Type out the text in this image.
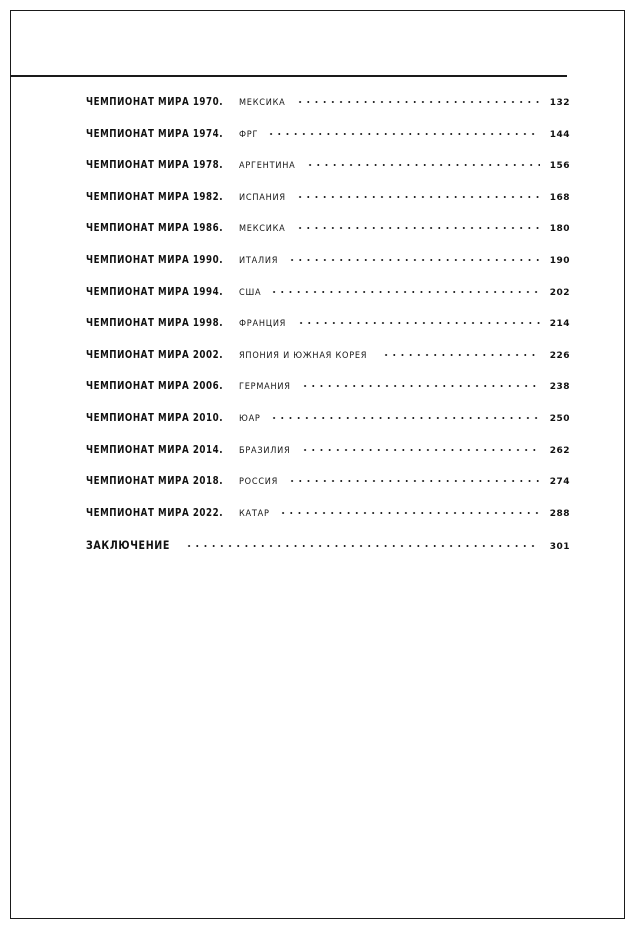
ЧЕМПИОНАТ МИРА 1970. МЕКСИКА	132
ЧЕМПИОНАТ МИРА 1974. ФРГ	144
ЧЕМПИОНАТ МИРА 1978. АРГЕНТИНА	156
ЧЕМПИОНАТ МИРА 1982. ИСПАНИЯ	168
ЧЕМПИОНАТ МИРА 1986. МЕКСИКА	180
ЧЕМПИОНАТ МИРА 1990. ИТАЛИЯ	190
ЧЕМПИОНАТ МИРА 1994. США	202
ЧЕМПИОНАТ МИРА 1998. ФРАНЦИЯ	214
ЧЕМПИОНАТ МИРА 2002. ЯПОНИЯ И ЮЖНАЯ КОРЕЯ	226
ЧЕМПИОНАТ МИРА 2006. ГЕРМАНИЯ	238
ЧЕМПИОНАТ МИРА 2010. ЮАР	250
ЧЕМПИОНАТ МИРА 2014. БРАЗИЛИЯ	262
ЧЕМПИОНАТ МИРА 2018. РОССИЯ	274
ЧЕМПИОНАТ МИРА 2022. КАТАР	288
ЗАКЛЮЧЕНИЕ	301
